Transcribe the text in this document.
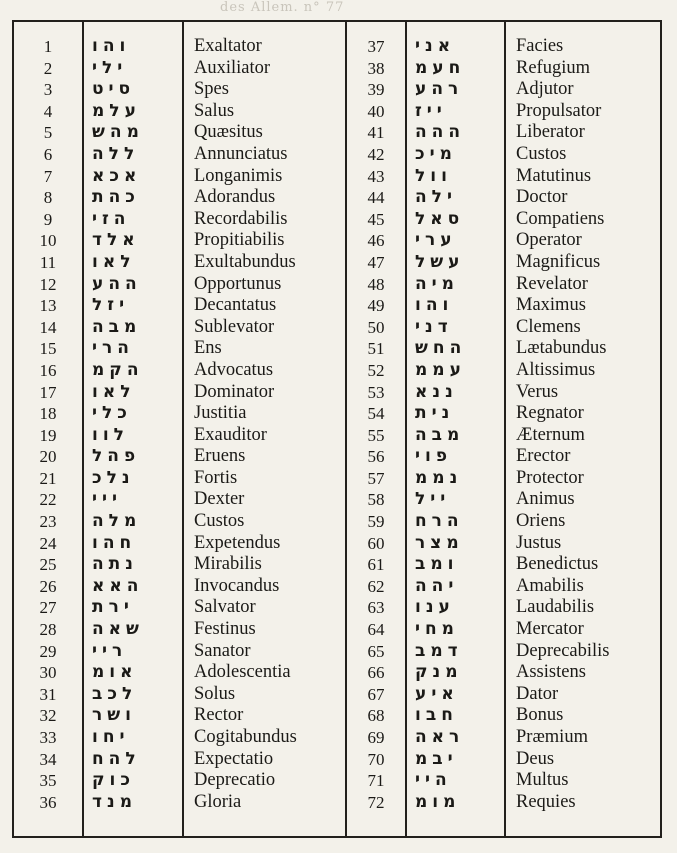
des Allem. n° 77
1
2
3
4
5
6
7
8
9
10
11
12
13
14
15
16
17
18
19
20
21
22
23
24
25
26
27
28
29
30
31
32
33
34
35
36
והו
ילי
סיט
עלמ
מהש
ללה
אכא
כהת
הזי
אלד
לאו
ההע
יזל
מבה
הרי
הקמ
לאו
כלי
לוו
פהל
נלכ
ייי
מלה
חהו
נתה
האא
ירת
שאה
ריי
אומ
לכב
ושר
יחו
להח
כוק
מנד
Exaltator
Auxiliator
Spes
Salus
Quæsitus
Annunciatus
Longanimis
Adorandus
Recordabilis
Propitiabilis
Exultabundus
Opportunus
Decantatus
Sublevator
Ens
Advocatus
Dominator
Justitia
Exauditor
Eruens
Fortis
Dexter
Custos
Expetendus
Mirabilis
Invocandus
Salvator
Festinus
Sanator
Adolescentia
Solus
Rector
Cogitabundus
Expectatio
Deprecatio
Gloria
37
38
39
40
41
42
43
44
45
46
47
48
49
50
51
52
53
54
55
56
57
58
59
60
61
62
63
64
65
66
67
68
69
70
71
72
אני
חעמ
רהע
ייז
ההה
מיכ
וול
ילה
סאל
ערי
עשל
מיה
והו
דני
החש
עממ
ננא
נית
מבה
פוי
נממ
ייל
הרח
מצר
ומב
יהה
ענו
מחי
דמב
מנק
איע
חבו
ראה
יבמ
היי
מומ
Facies
Refugium
Adjutor
Propulsator
Liberator
Custos
Matutinus
Doctor
Compatiens
Operator
Magnificus
Revelator
Maximus
Clemens
Lætabundus
Altissimus
Verus
Regnator
Æternum
Erector
Protector
Animus
Oriens
Justus
Benedictus
Amabilis
Laudabilis
Mercator
Deprecabilis
Assistens
Dator
Bonus
Præmium
Deus
Multus
Requies
